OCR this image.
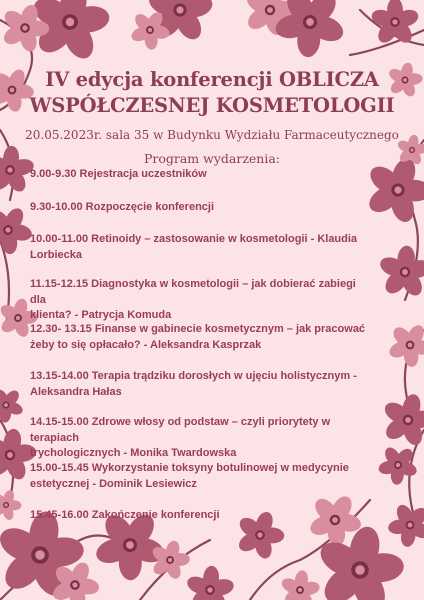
IV edycja konferencji OBLICZA
WSPÓŁCZESNEJ KOSMETOLOGII
20.05.2023r. sala 35 w Budynku Wydziału Farmaceutycznego
Program wydarzenia:
9.00-9.30 Rejestracja uczestników
9.30-10.00 Rozpoczęcie konferencji
10.00-11.00 Retinoidy – zastosowanie w kosmetologii - Klaudia
Lorbiecka
11.15-12.15 Diagnostyka w kosmetologii – jak dobierać zabiegi dla
klienta? - Patrycja Komuda
12.30- 13.15 Finanse w gabinecie kosmetycznym – jak pracować
żeby to się opłacało? - Aleksandra Kasprzak
13.15-14.00 Terapia trądziku dorosłych w ujęciu holistycznym -
Aleksandra Hałas
14.15-15.00 Zdrowe włosy od podstaw – czyli priorytety w terapiach
trychologicznych - Monika Twardowska
15.00-15.45 Wykorzystanie toksyny botulinowej w medycynie
estetycznej - Dominik Lesiewicz
15.45-16.00 Zakończenie konferencji
